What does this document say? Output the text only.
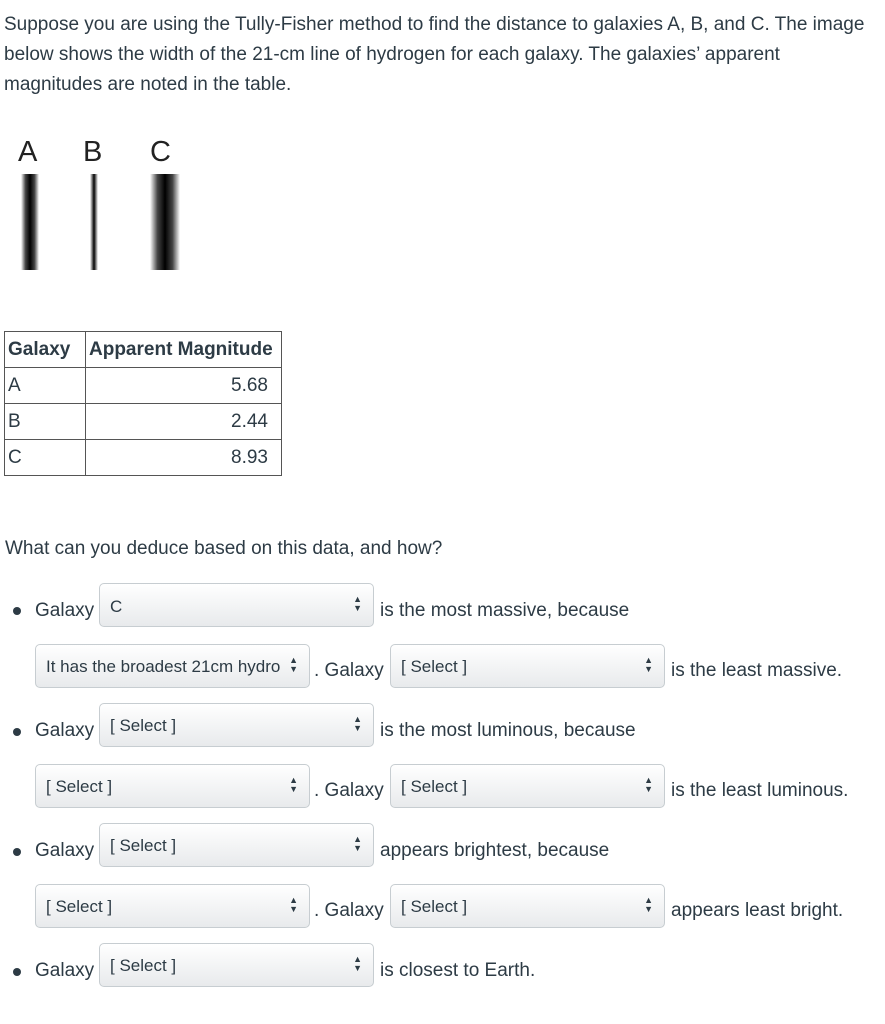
Suppose you are using the Tully-Fisher method to find the distance to galaxies A, B, and C. The image below shows the width of the 21-cm line of hydrogen for each galaxy. The galaxies’ apparent magnitudes are noted in the table.
A B C
Galaxy	Apparent Magnitude
A	5.68
B	2.44
C	8.93
What can you deduce based on this data, and how?
Galaxy C	▲
▼ is the most massive, because
It has the broadest 21cm hydro ▲
▼ . Galaxy [ Select ]	▲
▼ is the least massive.
Galaxy [ Select ]	▲
▼ is the most luminous, because
[ Select ]	▲
▼ . Galaxy [ Select ]	▲
▼ is the least luminous.
Galaxy [ Select ]	▲
▼ appears brightest, because
[ Select ]	▲
▼ . Galaxy [ Select ]	▲
▼ appears least bright.
Galaxy [ Select ]	▲
▼ is closest to Earth.
